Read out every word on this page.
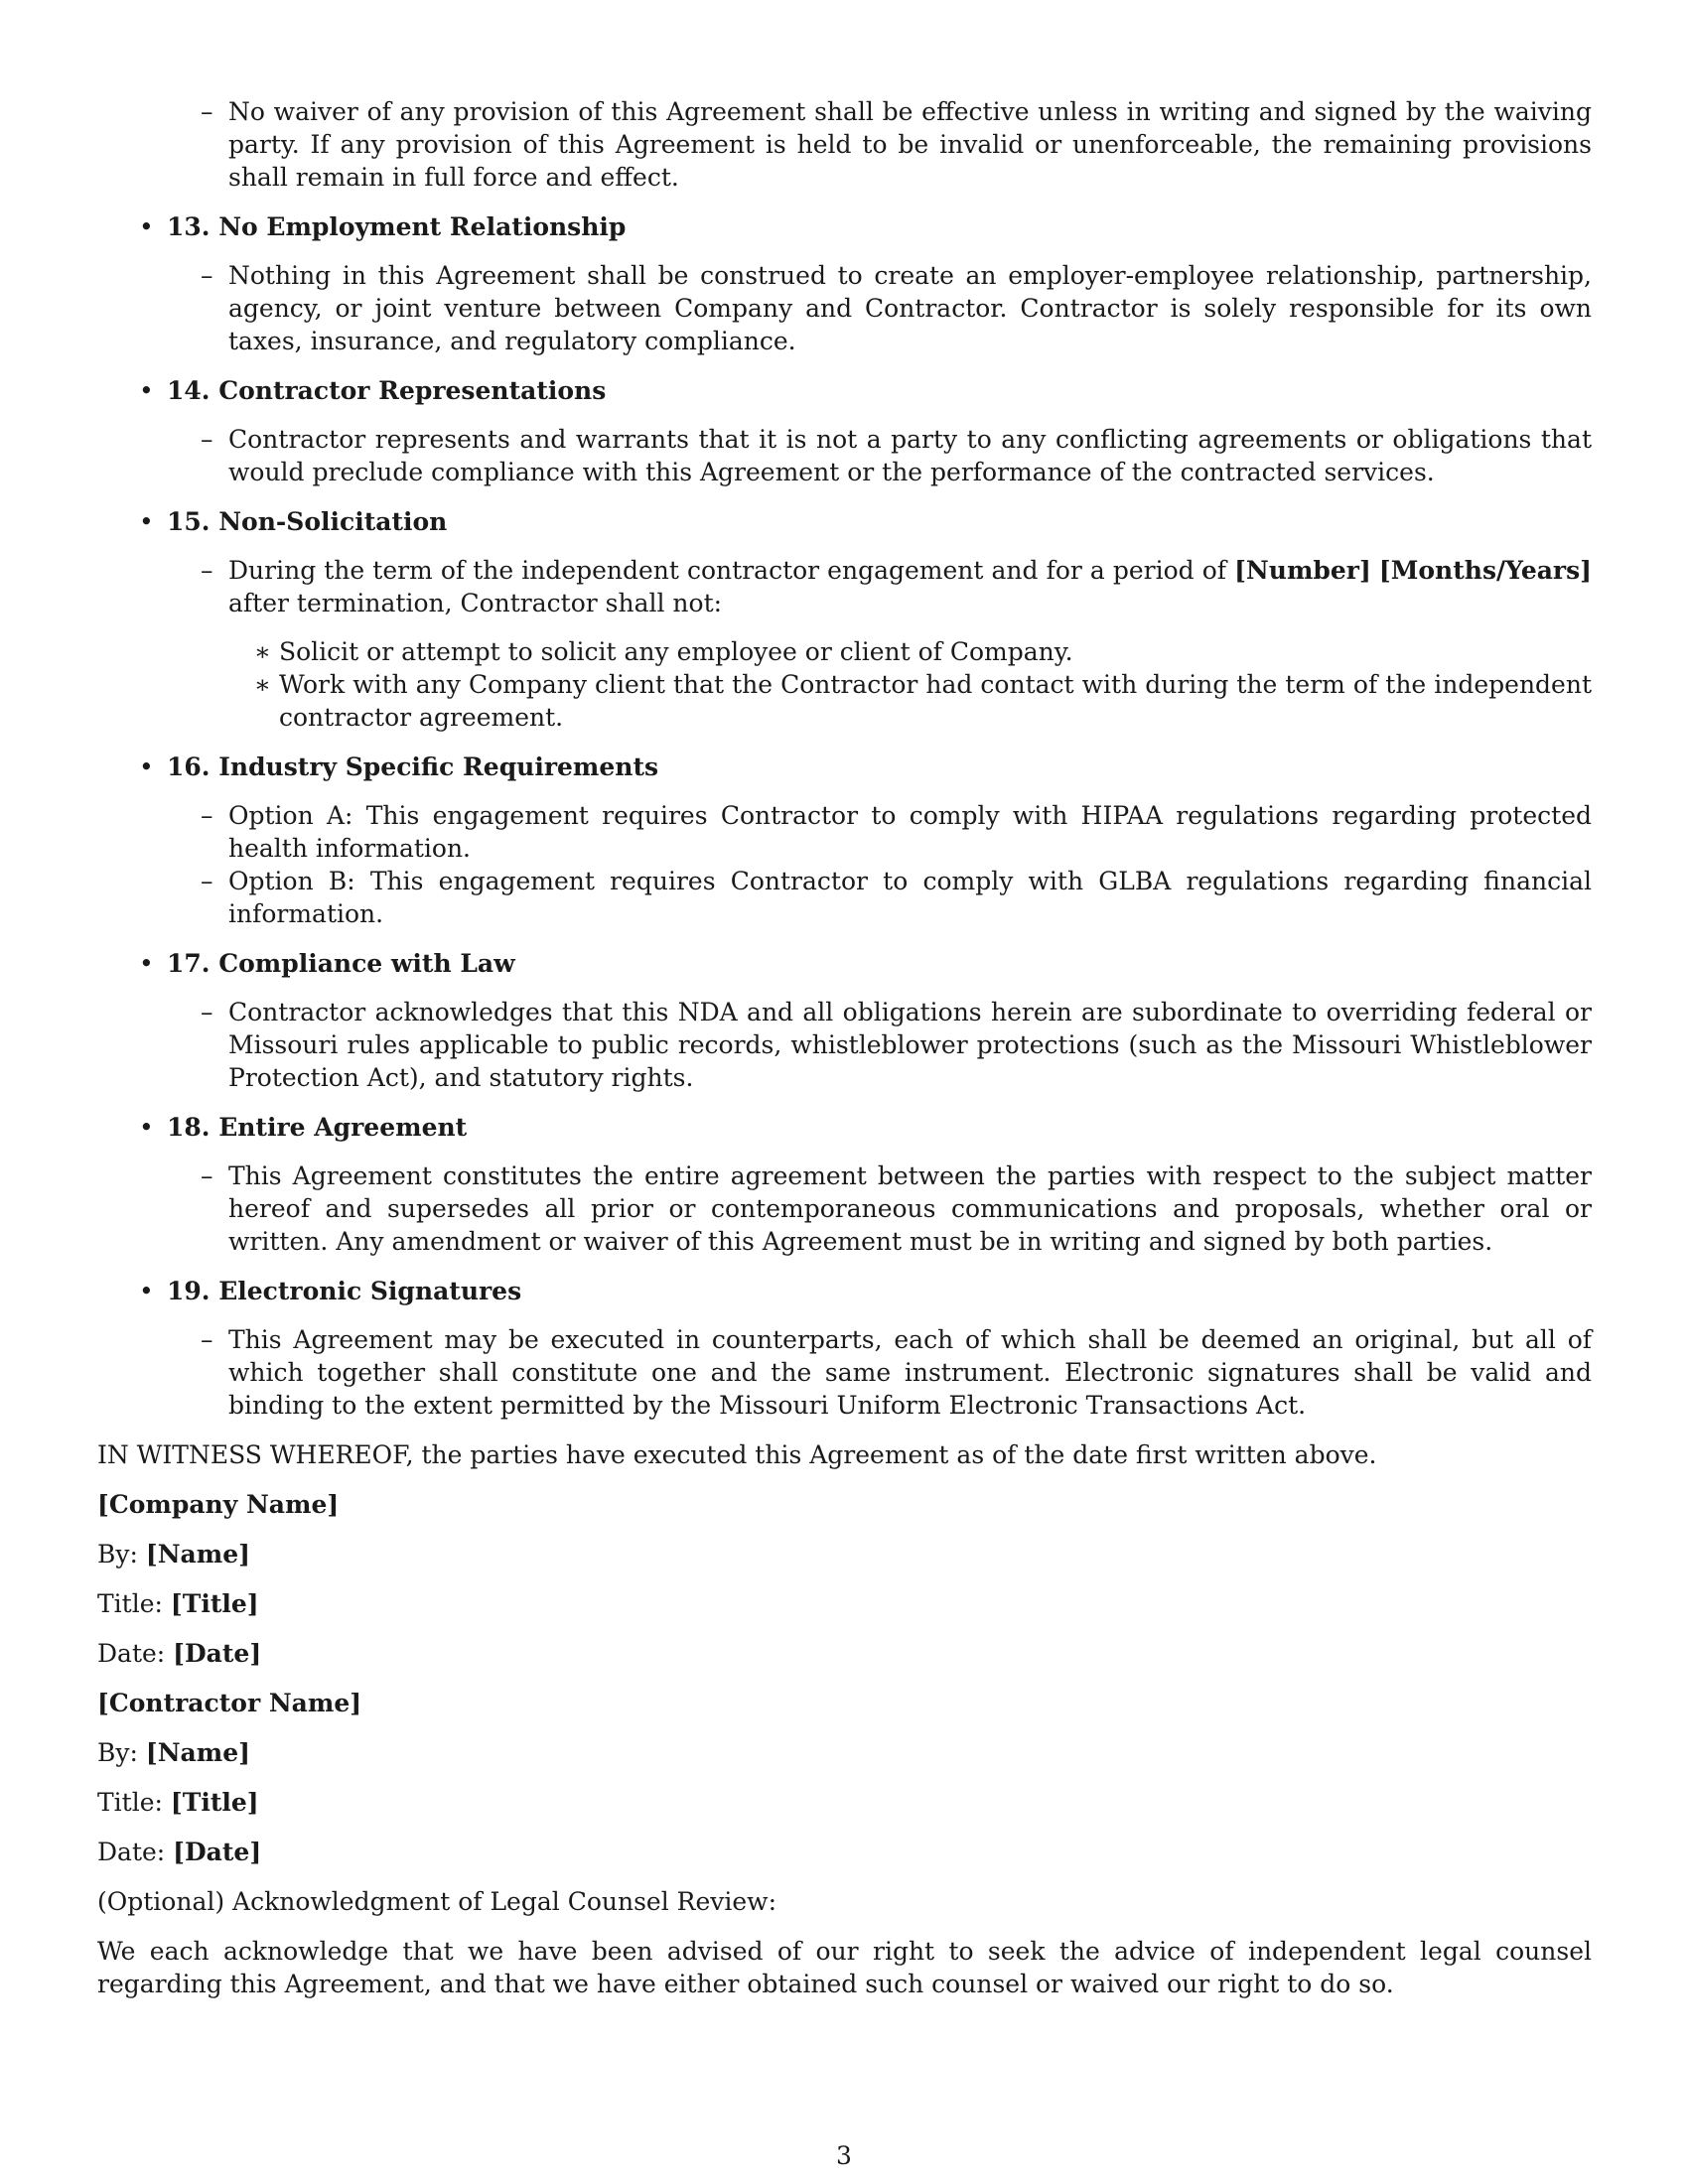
– No waiver of any provision of this Agreement shall be effective unless in writing and signed by the waiving party. If any provision of this Agreement is held to be invalid or unenforceable, the remaining provisions shall remain in full force and effect.
• 13. No Employment Relationship
– Nothing in this Agreement shall be construed to create an employer-employee relationship, partnership, agency, or joint venture between Company and Contractor. Contractor is solely responsible for its own taxes, insurance, and regulatory compliance.
• 14. Contractor Representations
– Contractor represents and warrants that it is not a party to any conflicting agreements or obligations that would preclude compliance with this Agreement or the performance of the contracted services.
• 15. Non-Solicitation
– During the term of the independent contractor engagement and for a period of [Number] [Months/Years] after termination, Contractor shall not:
∗ Solicit or attempt to solicit any employee or client of Company.
∗ Work with any Company client that the Contractor had contact with during the term of the independent contractor agreement.
• 16. Industry Specific Requirements
– Option A: This engagement requires Contractor to comply with HIPAA regulations regarding protected health information.
– Option B: This engagement requires Contractor to comply with GLBA regulations regarding financial information.
• 17. Compliance with Law
– Contractor acknowledges that this NDA and all obligations herein are subordinate to overriding federal or Missouri rules applicable to public records, whistleblower protections (such as the Missouri Whistleblower Protection Act), and statutory rights.
• 18. Entire Agreement
– This Agreement constitutes the entire agreement between the parties with respect to the subject matter hereof and supersedes all prior or contemporaneous communications and proposals, whether oral or written. Any amendment or waiver of this Agreement must be in writing and signed by both parties.
• 19. Electronic Signatures
– This Agreement may be executed in counterparts, each of which shall be deemed an original, but all of which together shall constitute one and the same instrument. Electronic signatures shall be valid and binding to the extent permitted by the Missouri Uniform Electronic Transactions Act.
IN WITNESS WHEREOF, the parties have executed this Agreement as of the date first written above.
[Company Name]
By: [Name]
Title: [Title]
Date: [Date]
[Contractor Name]
By: [Name]
Title: [Title]
Date: [Date]
(Optional) Acknowledgment of Legal Counsel Review:
We each acknowledge that we have been advised of our right to seek the advice of independent legal counsel regarding this Agreement, and that we have either obtained such counsel or waived our right to do so.
3
